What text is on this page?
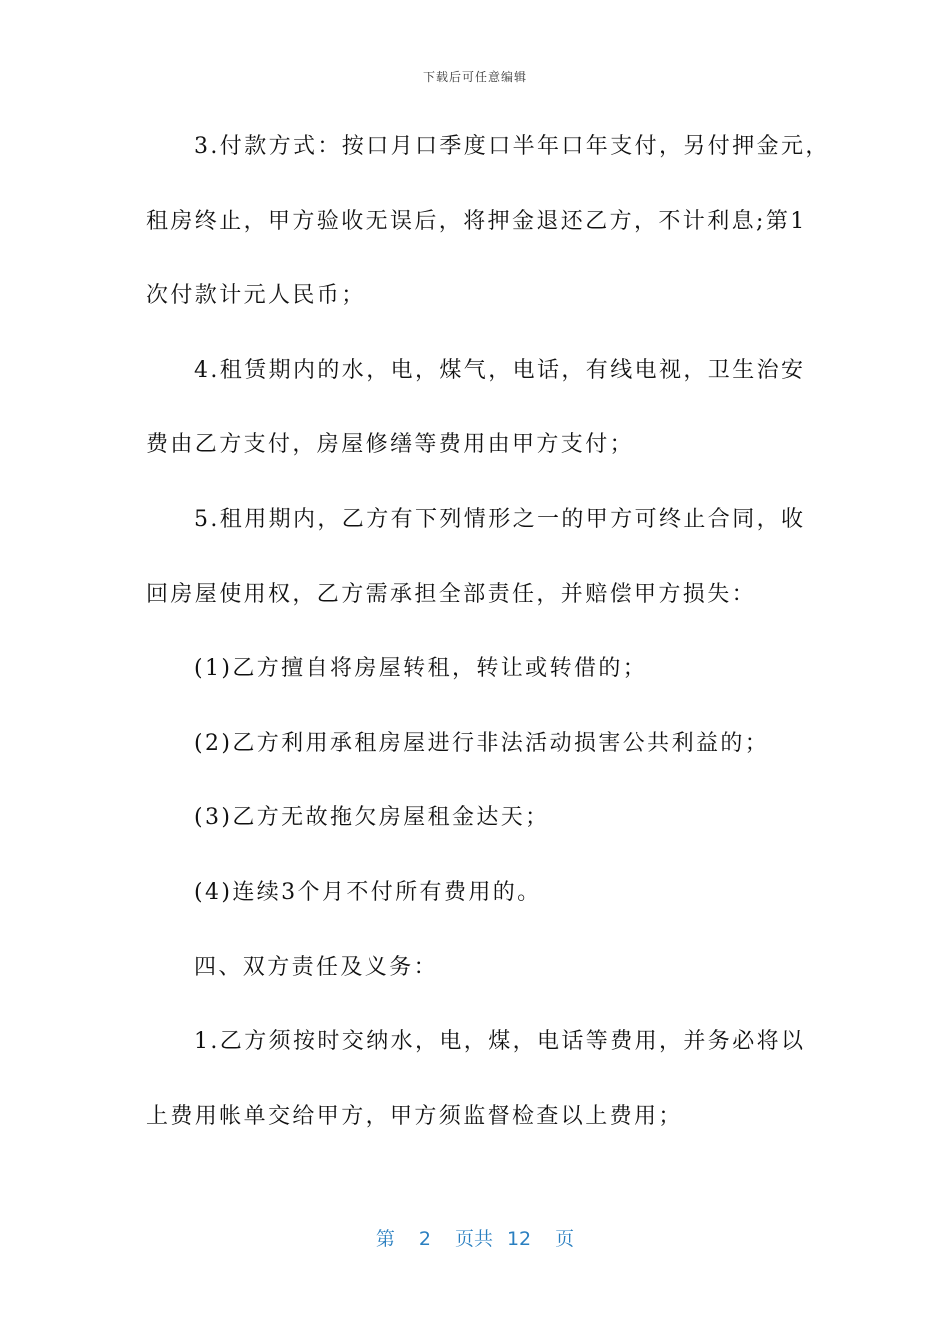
下载后可任意编辑
3.付款方式：按口月口季度口半年口年支付，另付押金元，
租房终止，甲方验收无误后，将押金退还乙方，不计利息;第1
次付款计元人民币；
4.租赁期内的水，电，煤气，电话，有线电视，卫生治安
费由乙方支付，房屋修缮等费用由甲方支付；
5.租用期内，乙方有下列情形之一的甲方可终止合同，收
回房屋使用权，乙方需承担全部责任，并赔偿甲方损失：
(1)乙方擅自将房屋转租，转让或转借的；
(2)乙方利用承租房屋进行非法活动损害公共利益的；
(3)乙方无故拖欠房屋租金达天；
(4)连续3个月不付所有费用的。
四、双方责任及义务：
1.乙方须按时交纳水，电，煤，电话等费用，并务必将以
上费用帐单交给甲方，甲方须监督检查以上费用；
第 2 页共 12 页
